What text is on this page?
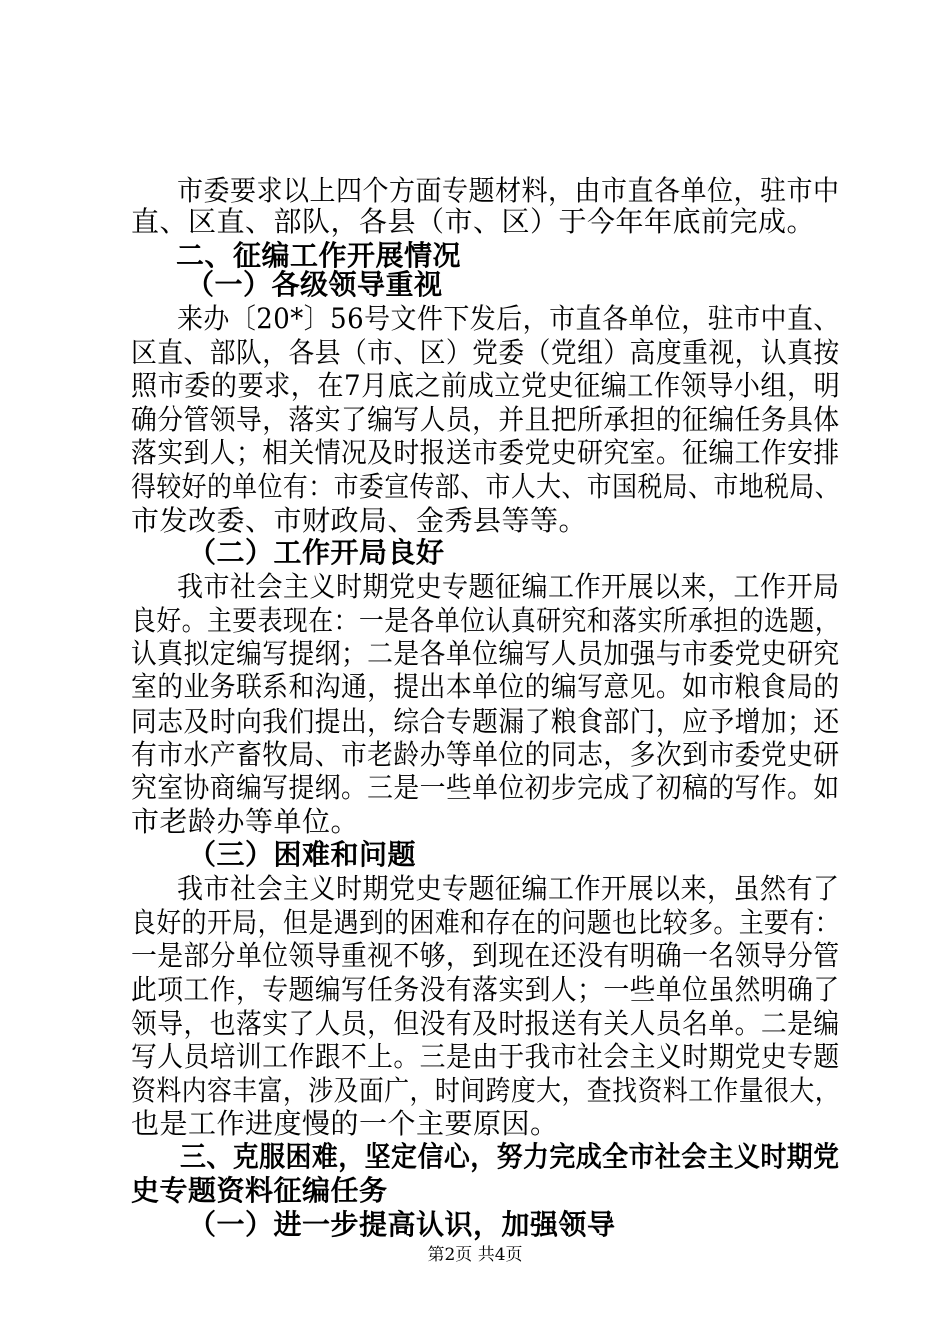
市委要求以上四个方面专题材料，由市直各单位，驻市中
直、区直、部队，各县（市、区）于今年年底前完成。
二、征编工作开展情况
（一）各级领导重视
来办〔20*〕56号文件下发后，市直各单位，驻市中直、
区直、部队，各县（市、区）党委（党组）高度重视，认真按
照市委的要求，在7月底之前成立党史征编工作领导小组，明
确分管领导，落实了编写人员，并且把所承担的征编任务具体
落实到人；相关情况及时报送市委党史研究室。征编工作安排
得较好的单位有：市委宣传部、市人大、市国税局、市地税局、
市发改委、市财政局、金秀县等等。
（二）工作开局良好
我市社会主义时期党史专题征编工作开展以来，工作开局
良好。主要表现在：一是各单位认真研究和落实所承担的选题，
认真拟定编写提纲；二是各单位编写人员加强与市委党史研究
室的业务联系和沟通，提出本单位的编写意见。如市粮食局的
同志及时向我们提出，综合专题漏了粮食部门，应予增加；还
有市水产畜牧局、市老龄办等单位的同志，多次到市委党史研
究室协商编写提纲。三是一些单位初步完成了初稿的写作。如
市老龄办等单位。
（三）困难和问题
我市社会主义时期党史专题征编工作开展以来，虽然有了
良好的开局，但是遇到的困难和存在的问题也比较多。主要有：
一是部分单位领导重视不够，到现在还没有明确一名领导分管
此项工作，专题编写任务没有落实到人；一些单位虽然明确了
领导，也落实了人员，但没有及时报送有关人员名单。二是编
写人员培训工作跟不上。三是由于我市社会主义时期党史专题
资料内容丰富，涉及面广，时间跨度大，查找资料工作量很大，
也是工作进度慢的一个主要原因。
三、克服困难，坚定信心，努力完成全市社会主义时期党
史专题资料征编任务
（一）进一步提高认识，加强领导
第2页 共4页
